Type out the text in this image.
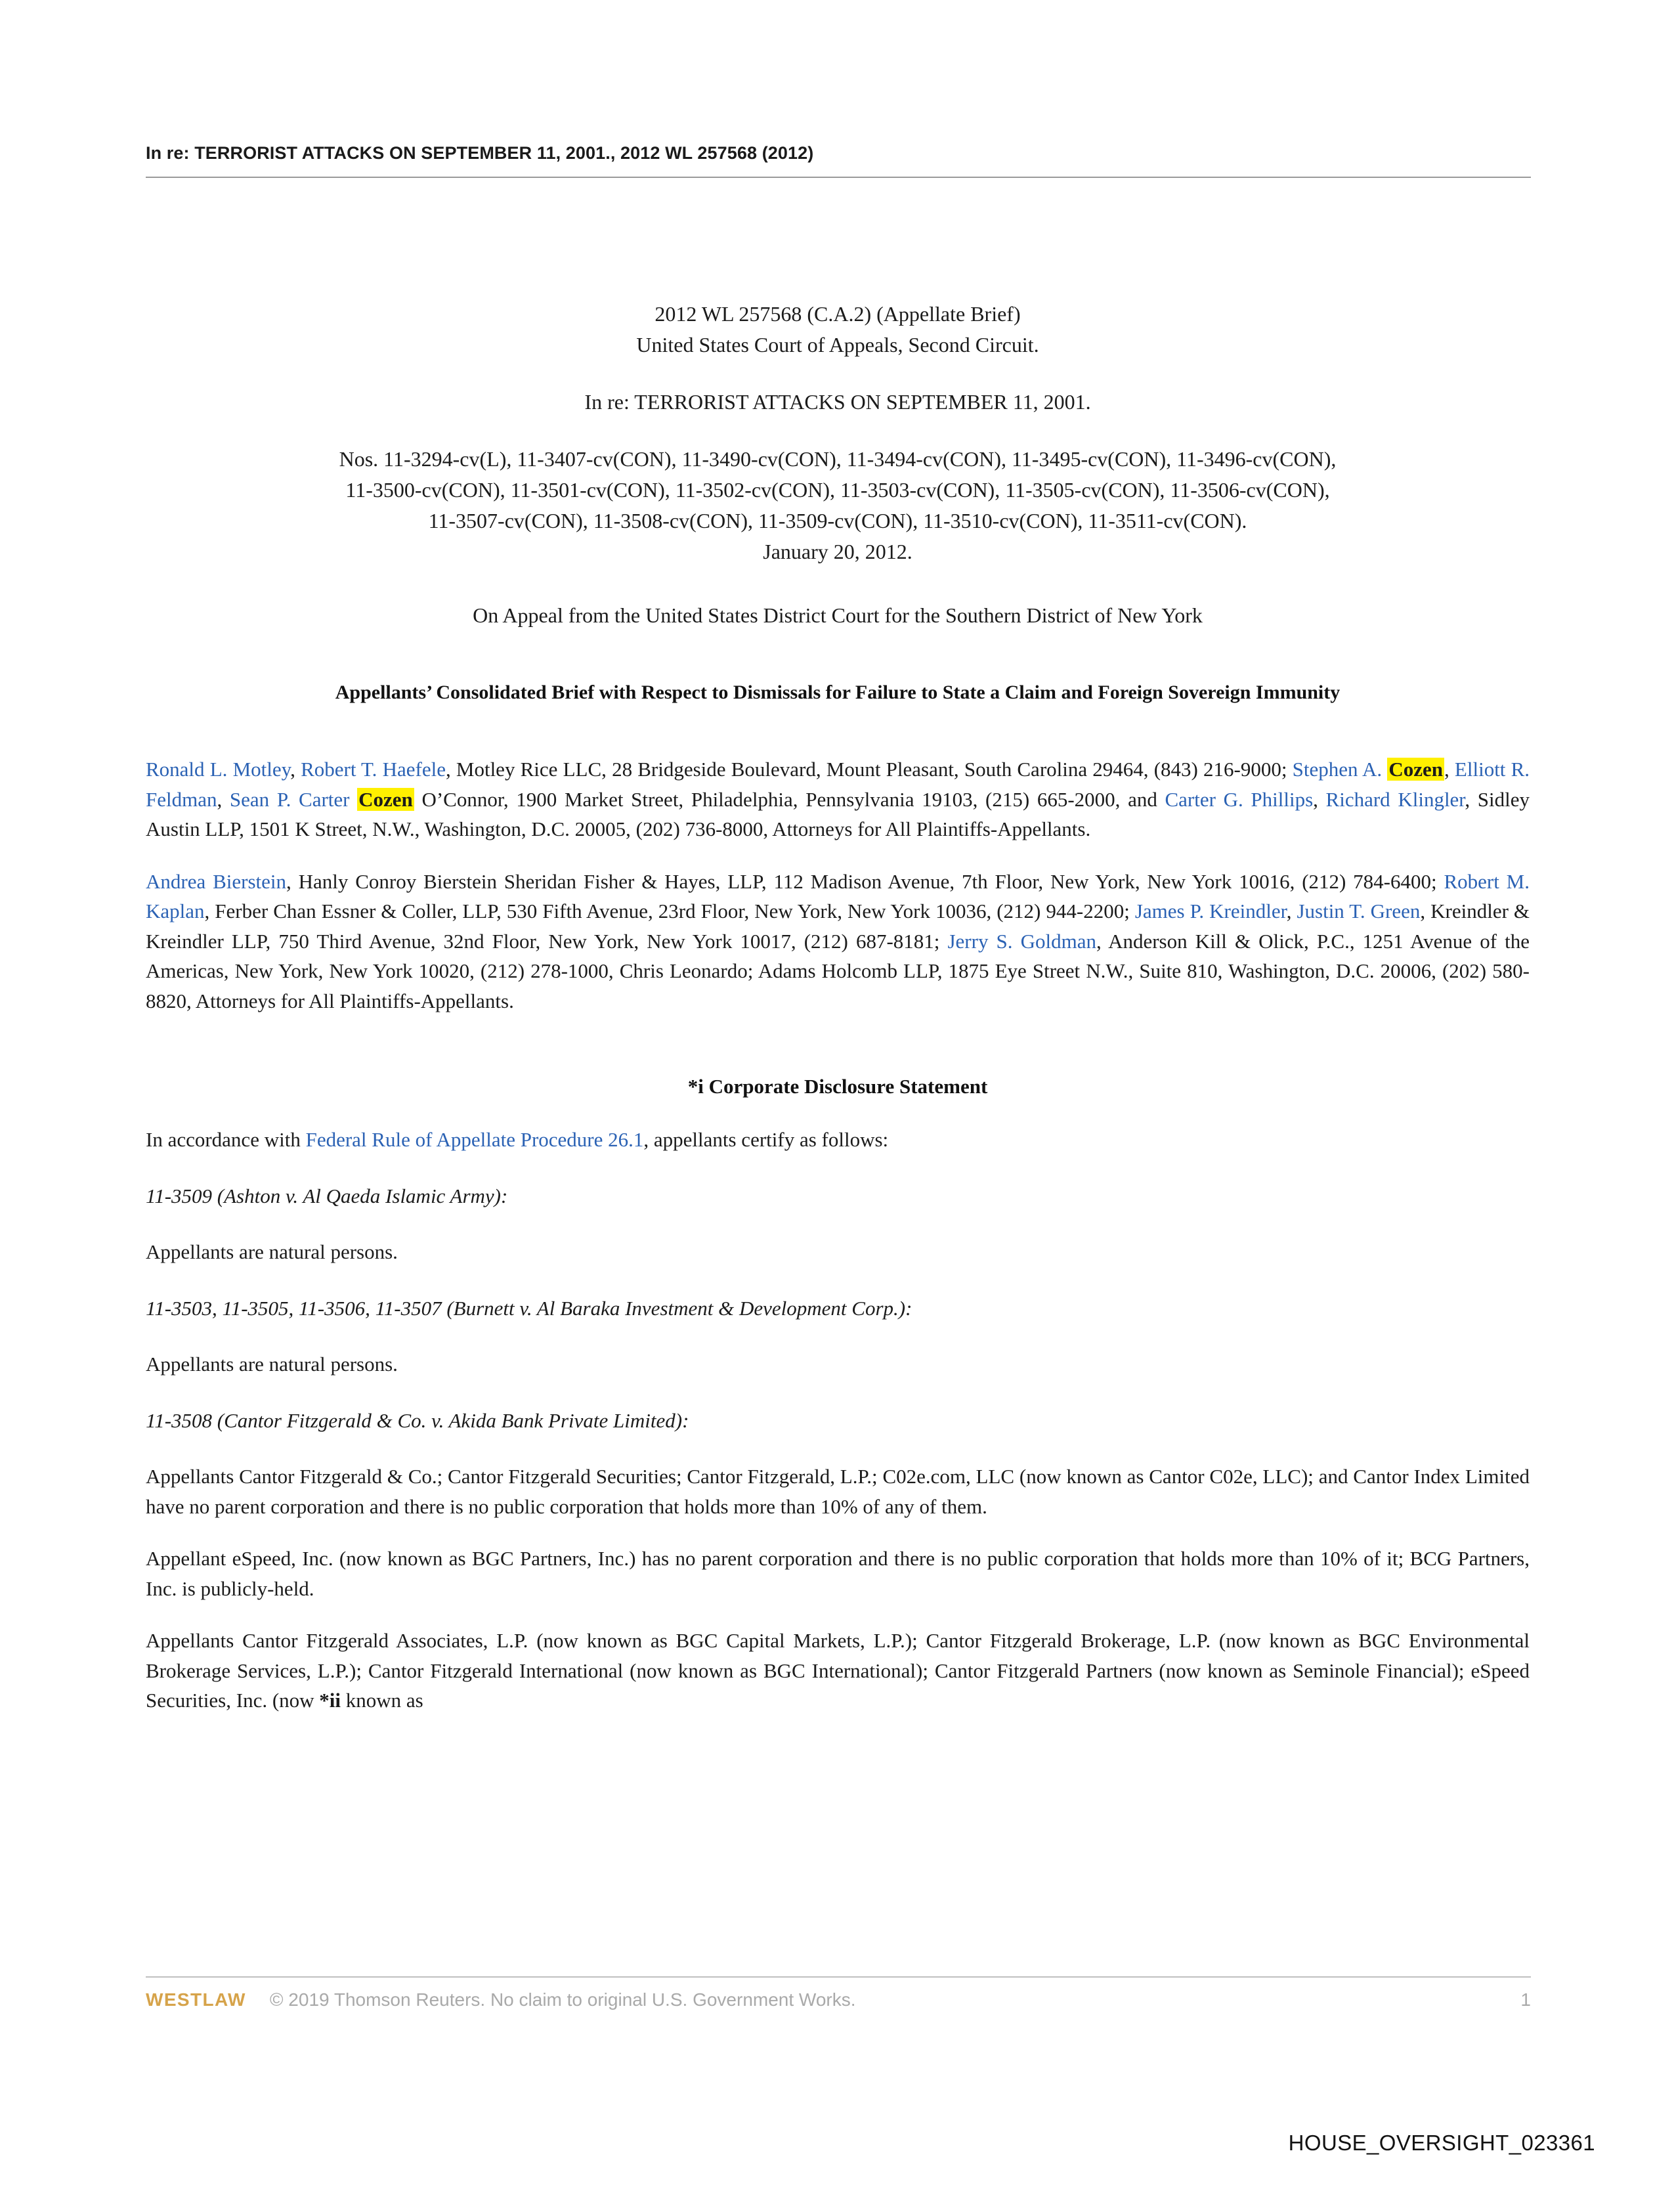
In re: TERRORIST ATTACKS ON SEPTEMBER 11, 2001., 2012 WL 257568 (2012)
2012 WL 257568 (C.A.2) (Appellate Brief)
United States Court of Appeals, Second Circuit.
In re: TERRORIST ATTACKS ON SEPTEMBER 11, 2001.
Nos. 11-3294-cv(L), 11-3407-cv(CON), 11-3490-cv(CON), 11-3494-cv(CON), 11-3495-cv(CON), 11-3496-cv(CON),
11-3500-cv(CON), 11-3501-cv(CON), 11-3502-cv(CON), 11-3503-cv(CON), 11-3505-cv(CON), 11-3506-cv(CON),
11-3507-cv(CON), 11-3508-cv(CON), 11-3509-cv(CON), 11-3510-cv(CON), 11-3511-cv(CON).
January 20, 2012.
On Appeal from the United States District Court for the Southern District of New York
Appellants’ Consolidated Brief with Respect to Dismissals for Failure to State a Claim and Foreign Sovereign Immunity
Ronald L. Motley, Robert T. Haefele, Motley Rice LLC, 28 Bridgeside Boulevard, Mount Pleasant, South Carolina 29464, (843) 216-9000; Stephen A. Cozen, Elliott R. Feldman, Sean P. Carter Cozen O’Connor, 1900 Market Street, Philadelphia, Pennsylvania 19103, (215) 665-2000, and Carter G. Phillips, Richard Klingler, Sidley Austin LLP, 1501 K Street, N.W., Washington, D.C. 20005, (202) 736-8000, Attorneys for All Plaintiffs-Appellants.
Andrea Bierstein, Hanly Conroy Bierstein Sheridan Fisher & Hayes, LLP, 112 Madison Avenue, 7th Floor, New York, New York 10016, (212) 784-6400; Robert M. Kaplan, Ferber Chan Essner & Coller, LLP, 530 Fifth Avenue, 23rd Floor, New York, New York 10036, (212) 944-2200; James P. Kreindler, Justin T. Green, Kreindler & Kreindler LLP, 750 Third Avenue, 32nd Floor, New York, New York 10017, (212) 687-8181; Jerry S. Goldman, Anderson Kill & Olick, P.C., 1251 Avenue of the Americas, New York, New York 10020, (212) 278-1000, Chris Leonardo; Adams Holcomb LLP, 1875 Eye Street N.W., Suite 810, Washington, D.C. 20006, (202) 580-8820, Attorneys for All Plaintiffs-Appellants.
*i Corporate Disclosure Statement
In accordance with Federal Rule of Appellate Procedure 26.1, appellants certify as follows:
11-3509 (Ashton v. Al Qaeda Islamic Army):
Appellants are natural persons.
11-3503, 11-3505, 11-3506, 11-3507 (Burnett v. Al Baraka Investment & Development Corp.):
Appellants are natural persons.
11-3508 (Cantor Fitzgerald & Co. v. Akida Bank Private Limited):
Appellants Cantor Fitzgerald & Co.; Cantor Fitzgerald Securities; Cantor Fitzgerald, L.P.; C02e.com, LLC (now known as Cantor C02e, LLC); and Cantor Index Limited have no parent corporation and there is no public corporation that holds more than 10% of any of them.
Appellant eSpeed, Inc. (now known as BGC Partners, Inc.) has no parent corporation and there is no public corporation that holds more than 10% of it; BCG Partners, Inc. is publicly-held.
Appellants Cantor Fitzgerald Associates, L.P. (now known as BGC Capital Markets, L.P.); Cantor Fitzgerald Brokerage, L.P. (now known as BGC Environmental Brokerage Services, L.P.); Cantor Fitzgerald International (now known as BGC International); Cantor Fitzgerald Partners (now known as Seminole Financial); eSpeed Securities, Inc. (now *ii known as
WESTLAW © 2019 Thomson Reuters. No claim to original U.S. Government Works.	1
HOUSE_OVERSIGHT_023361
